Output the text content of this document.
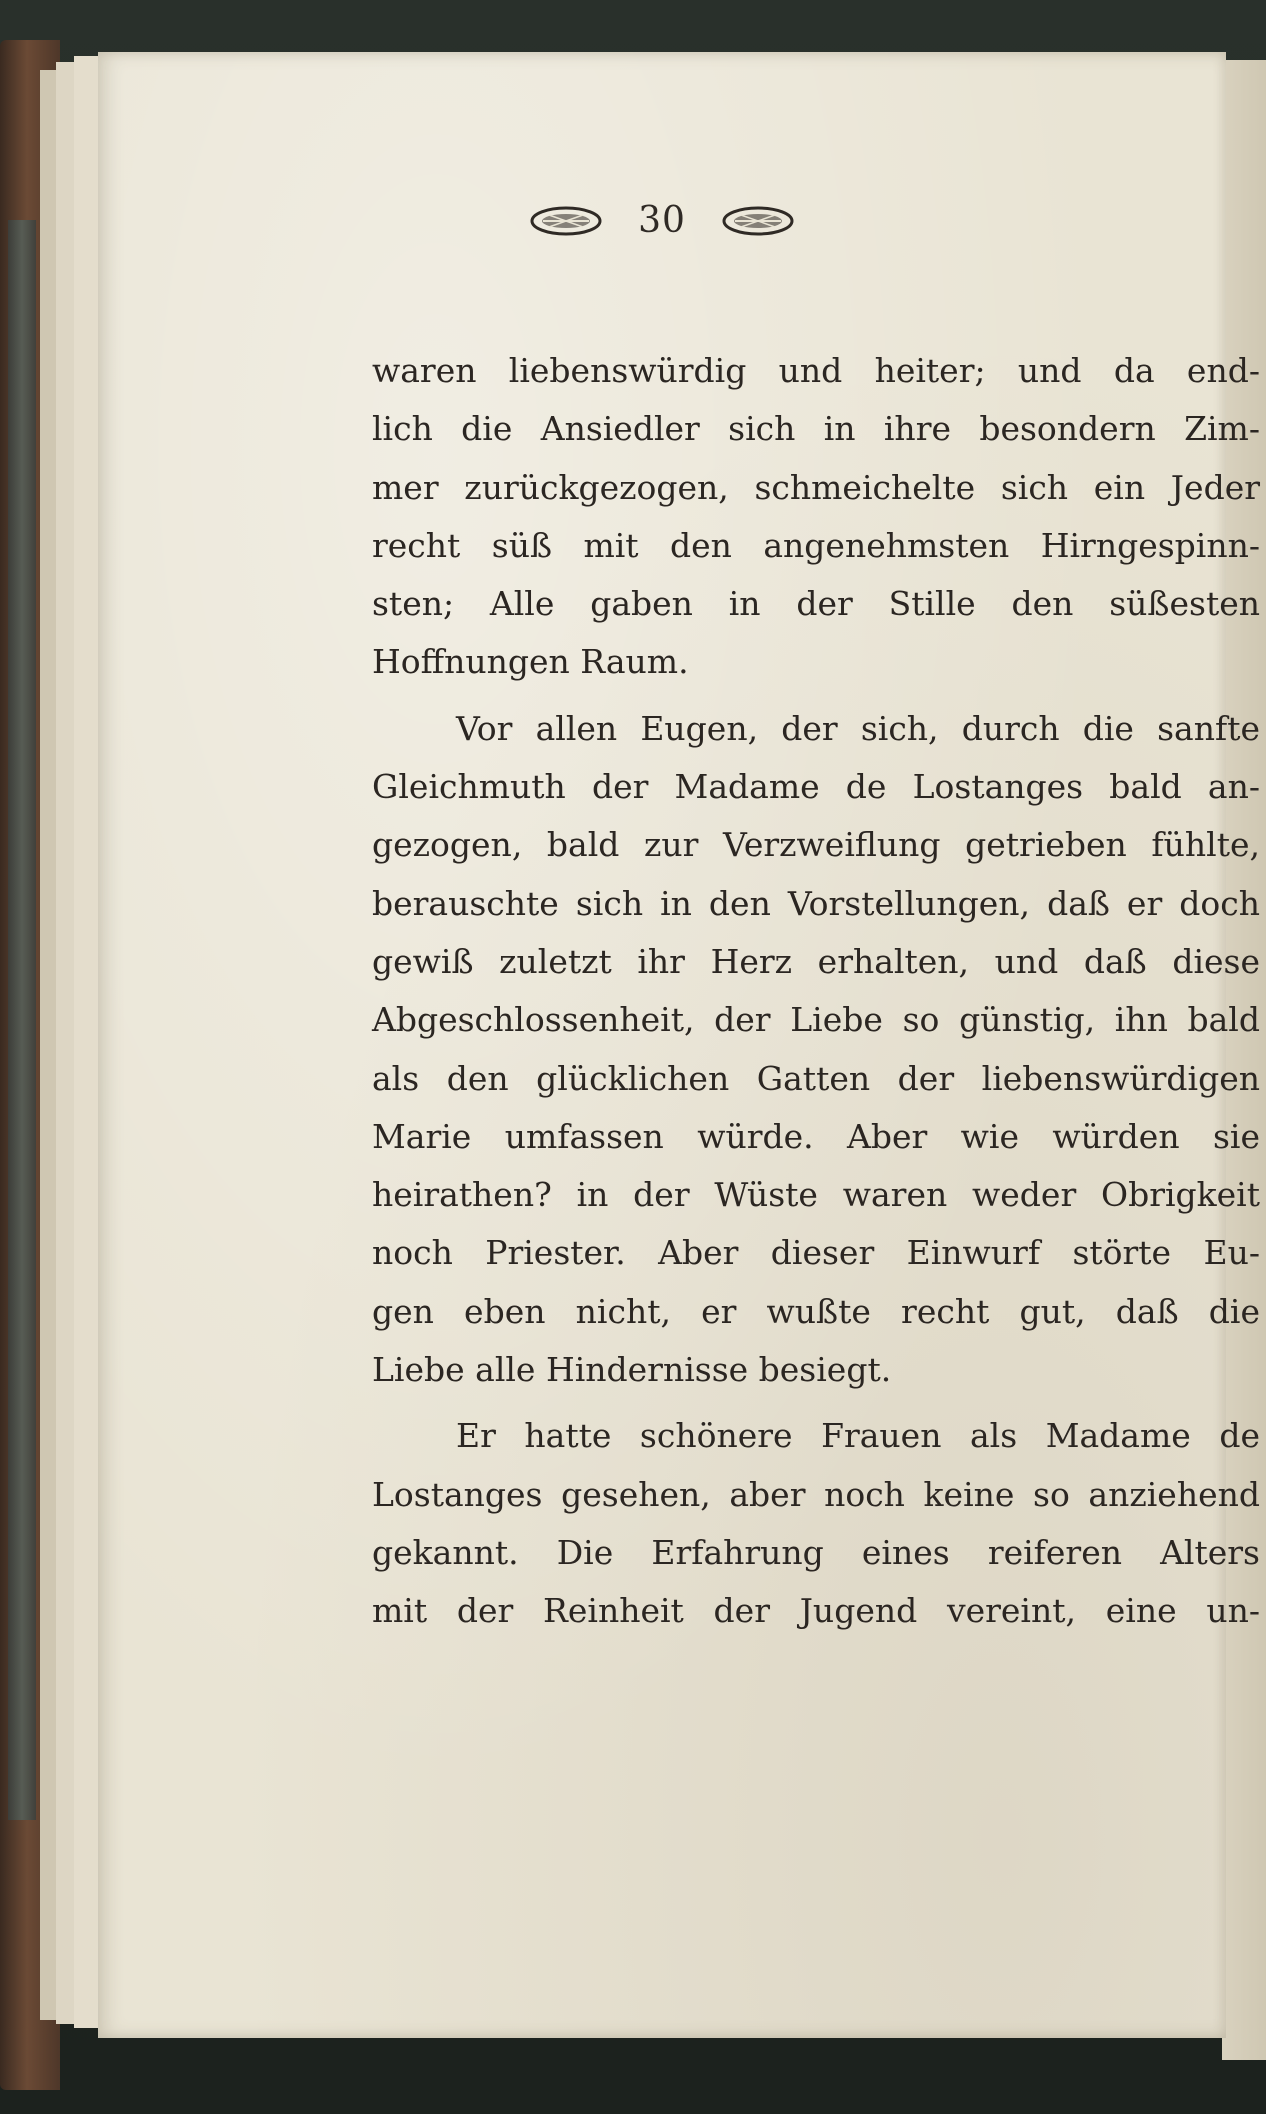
30
waren liebenswürdig und heiter; und da end-
lich die Ansiedler sich in ihre besondern Zim-
mer zurückgezogen, schmeichelte sich ein Jeder
recht süß mit den angenehmsten Hirngespinn-
sten; Alle gaben in der Stille den süßesten
Hoffnungen Raum.
Vor allen Eugen, der sich, durch die sanfte
Gleichmuth der Madame de Lostanges bald an-
gezogen, bald zur Verzweiflung getrieben fühlte,
berauschte sich in den Vorstellungen, daß er doch
gewiß zuletzt ihr Herz erhalten, und daß diese
Abgeschlossenheit, der Liebe so günstig, ihn bald
als den glücklichen Gatten der liebenswürdigen
Marie umfassen würde. Aber wie würden sie
heirathen? in der Wüste waren weder Obrigkeit
noch Priester. Aber dieser Einwurf störte Eu-
gen eben nicht, er wußte recht gut, daß die
Liebe alle Hindernisse besiegt.
Er hatte schönere Frauen als Madame de
Lostanges gesehen, aber noch keine so anziehend
gekannt. Die Erfahrung eines reiferen Alters
mit der Reinheit der Jugend vereint, eine un-
